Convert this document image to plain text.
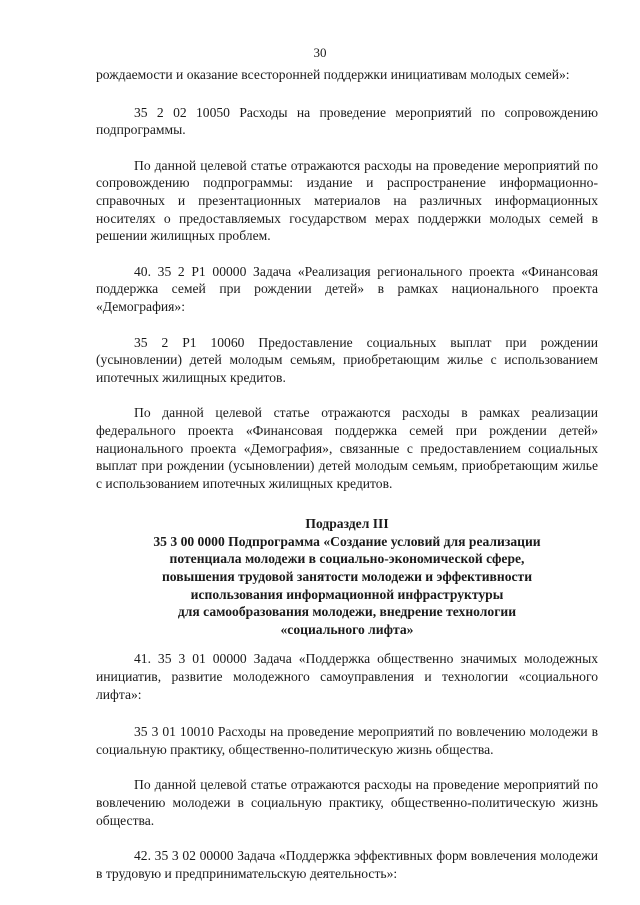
30

рождаемости и оказание всесторонней поддержки инициативам молодых семей»:

35 2 02 10050 Расходы на проведение мероприятий по сопровождению подпрограммы.

По данной целевой статье отражаются расходы на проведение мероприятий по сопровождению подпрограммы: издание и распространение информационно-справочных и презентационных материалов на различных информационных носителях о предоставляемых государством мерах поддержки молодых семей в решении жилищных проблем.

40. 35 2 Р1 00000 Задача «Реализация регионального проекта «Финансовая поддержка семей при рождении детей» в рамках национального проекта «Демография»:

35 2 Р1 10060 Предоставление социальных выплат при рождении (усыновлении) детей молодым семьям, приобретающим жилье с использованием ипотечных жилищных кредитов.

По данной целевой статье отражаются расходы в рамках реализации федерального проекта «Финансовая поддержка семей при рождении детей» национального проекта «Демография», связанные с предоставлением социальных выплат при рождении (усыновлении) детей молодым семьям, приобретающим жилье с использованием ипотечных жилищных кредитов.

Подраздел III
35 3 00 0000 Подпрограмма «Создание условий для реализации
потенциала молодежи в социально-экономической сфере,
повышения трудовой занятости молодежи и эффективности
использования информационной инфраструктуры
для самообразования молодежи, внедрение технологии
«социального лифта»

41. 35 3 01 00000 Задача «Поддержка общественно значимых молодежных инициатив, развитие молодежного самоуправления и технологии «социального лифта»:

35 3 01 10010 Расходы на проведение мероприятий по вовлечению молодежи в социальную практику, общественно-политическую жизнь общества.

По данной целевой статье отражаются расходы на проведение мероприятий по вовлечению молодежи в социальную практику, общественно-политическую жизнь общества.

42. 35 3 02 00000 Задача «Поддержка эффективных форм вовлечения молодежи в трудовую и предпринимательскую деятельность»:
